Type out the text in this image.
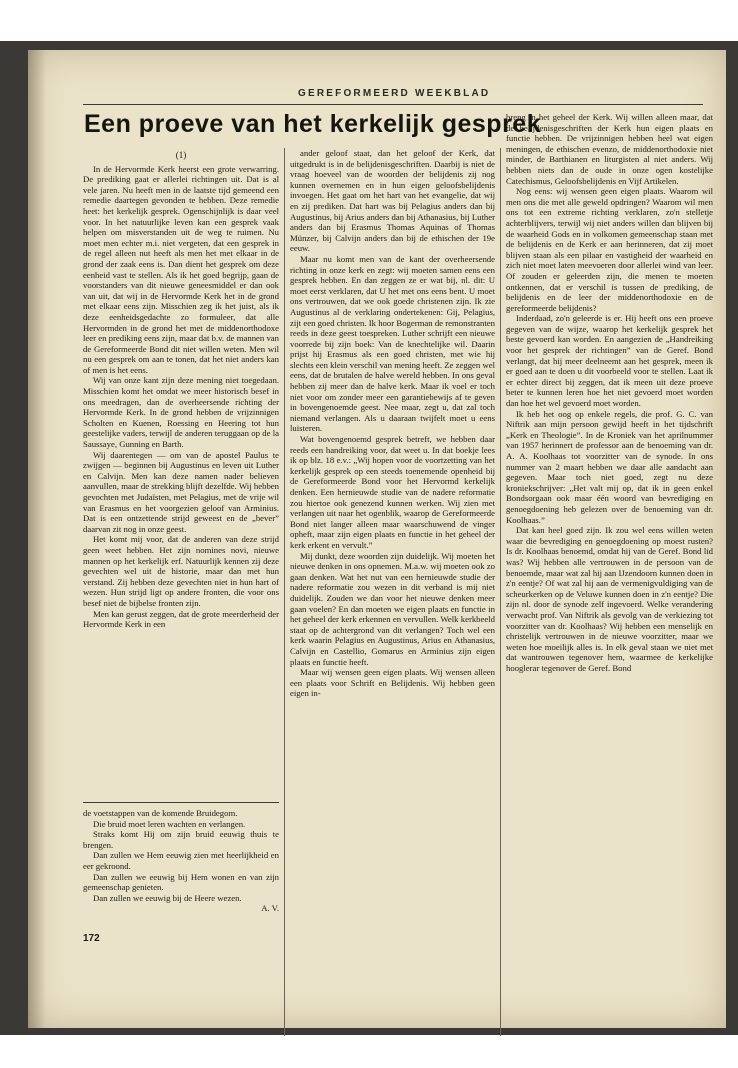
GEREFORMEERD WEEKBLAD
Een proeve van het kerkelijk gesprek
(1)

In de Hervormde Kerk heerst een grote verwarring. De prediking gaat er allerlei richtingen uit. Dat is al vele jaren. Nu heeft men in de laatste tijd gemeend een remedie daartegen gevonden te hebben. Deze remedie heet: het kerkelijk gesprek. Ogenschijnlijk is daar veel voor. In het natuurlijke leven kan een gesprek vaak helpen om misverstanden uit de weg te ruimen. Nu moet men echter m.i. niet vergeten, dat een gesprek in de regel alleen nut heeft als men het met elkaar in de grond der zaak eens is. Dan dient het gesprek om deze eenheid vast te stellen. Als ik het goed begrijp, gaan de voorstanders van dit nieuwe geneesmiddel er dan ook van uit, dat wij in de Hervormde Kerk het in de grond met elkaar eens zijn. Misschien zeg ik het juist, als ik deze eenheidsgedachte zo formuleer, dat alle Hervormden in de grond het met de middenorthodoxe leer en prediking eens zijn, maar dat b.v. de mannen van de Gereformeerde Bond dit niet willen weten. Men wil nu een gesprek om aan te tonen, dat het niet anders kan of men is het eens.

Wij van onze kant zijn deze mening niet toegedaan. Misschien komt het omdat we meer historisch besef in ons meedragen, dan de overheersende richting der Hervormde Kerk. In de grond hebben de vrijzinnigen Scholten en Kuenen, Roessing en Heering tot hun geestelijke vaders, terwijl de anderen teruggaan op de la Saussaye, Gunning en Barth.

Wij daarentegen — om van de apostel Paulus te zwijgen — beginnen bij Augustinus en leven uit Luther en Calvijn. Men kan deze namen nader believen aanvullen, maar de strekking blijft dezelfde. Wij hebben gevochten met Judaïsten, met Pelagius, met de vrije wil van Erasmus en het voorgezien geloof van Arminius. Dat is een ontzettende strijd geweest en de „bever” daarvan zit nog in onze geest.

Het komt mij voor, dat de anderen van deze strijd geen weet hebben. Het zijn nomines novi, nieuwe mannen op het kerkelijk erf. Natuurlijk kennen zij deze gevechten wel uit de historie, maar dan met hun verstand. Zij hebben deze gevechten niet in hun hart of wezen. Hun strijd ligt op andere fronten, die voor ons besef niet de bijbelse fronten zijn.

Men kan gerust zeggen, dat de grote meerderheid der Hervormde Kerk in een

de voetstappen van de komende Bruidegom.

Die bruid moet leren wachten en verlangen.

Straks komt Hij om zijn bruid eeuwig thuis te brengen.

Dan zullen we Hem eeuwig zien met heerlijkheid en eer gekroond.

Dan zullen we eeuwig bij Hem wonen en van zijn gemeenschap genieten.

Dan zullen we eeuwig bij de Heere wezen.

A. V.

ander geloof staat, dan het geloof der Kerk, dat uitgedrukt is in de belijdenisgeschriften. Daarbij is niet de vraag hoeveel van de woorden der belijdenis zij nog kunnen overnemen en in hun eigen geloofsbelijdenis invoegen. Het gaat om het hart van het evangelie, dat wij en zij prediken. Dat hart was bij Pelagius anders dan bij Augustinus, bij Arius anders dan bij Athanasius, bij Luther anders dan bij Erasmus Thomas Aquinas of Thomas Münzer, bij Calvijn anders dan bij de ethischen der 19e eeuw.

Maar nu komt men van de kant der overheersende richting in onze kerk en zegt: wij moeten samen eens een gesprek hebben. En dan zeggen ze er wat bij, nl. dit: U moet eerst verklaren, dat U het met ons eens bent. U moet ons vertrouwen, dat we ook goede christenen zijn. Ik zie Augustinus al de verklaring ondertekenen: Gij, Pelagius, zijt een goed christen. Ik hoor Bogerman de remonstranten reeds in deze geest toespreken. Luther schrijft een nieuwe voorrede bij zijn boek: Van de knechtelijke wil. Daarin prijst hij Erasmus als een goed christen, met wie hij slechts een klein verschil van mening heeft. Ze zeggen wel eens, dat de brutalen de halve wereld hebben. In ons geval hebben zij meer dan de halve kerk. Maar ik voel er toch niet voor om zonder meer een garantiebewijs af te geven in bovengenoemde geest. Nee maar, zegt u, dat zal toch niemand verlangen. Als u daaraan twijfelt moet u eens luisteren.

Wat bovengenoemd gesprek betreft, we hebben daar reeds een handreiking voor, dat weet u. In dat boekje lees ik op blz. 18 e.v.: „Wij hopen voor de voortzetting van het kerkelijk gesprek op een steeds toenemende openheid bij de Gereformeerde Bond voor het Hervormd kerkelijk denken. Een hernieuwde studie van de nadere reformatie zou hiertoe ook genezend kunnen werken. Wij zien met verlangen uit naar het ogenblik, waarop de Gereformeerde Bond niet langer alleen maar waarschuwend de vinger opheft, maar zijn eigen plaats en functie in het geheel der kerk erkent en vervult.”

Mij dunkt, deze woorden zijn duidelijk. Wij moeten het nieuwe denken in ons opnemen. M.a.w. wij moeten ook zo gaan denken. Wat het nut van een hernieuwde studie der nadere reformatie zou wezen in dit verband is mij niet duidelijk. Zouden we dan voor het nieuwe denken meer gaan voelen? En dan moeten we eigen plaats en functie in het geheel der kerk erkennen en vervullen. Welk kerkbeeld staat op de achtergrond van dit verlangen? Toch wel een kerk waarin Pelagius en Augustinus, Arius en Athanasius, Calvijn en Castellio, Gomarus en Arminius zijn eigen plaats en functie heeft.

Maar wij wensen geen eigen plaats. Wij wensen alleen een plaats voor Schrift en Belijdenis. Wij hebben geen eigen in-

breng in het geheel der Kerk. Wij willen alleen maar, dat de belijdenisgeschriften der Kerk hun eigen plaats en functie hebben. De vrijzinnigen hebben heel wat eigen meningen, de ethischen evenzo, de middenorthodoxie niet minder, de Barthianen en liturgisten al niet anders. Wij hebben niets dan de oude in onze ogen kostelijke Catechismus, Geloofsbelijdenis en Vijf Artikelen.

Nog eens: wij wensen geen eigen plaats. Waarom wil men ons die met alle geweld opdringen? Waarom wil men ons tot een extreme richting verklaren, zo'n stelletje achterblijvers, terwijl wij niet anders willen dan blijven bij de waarheid Gods en in volkomen gemeenschap staan met de belijdenis en de Kerk er aan herinneren, dat zij moet blijven staan als een pilaar en vastigheid der waarheid en zich niet moet laten meevoeren door allerlei wind van leer. Of zouden er geleerden zijn, die menen te moeten ontkennen, dat er verschil is tussen de prediking, de belijdenis en de leer der middenorthodoxie en de gereformeerde belijdenis?

Inderdaad, zo'n geleerde is er. Hij heeft ons een proeve gegeven van de wijze, waarop het kerkelijk gesprek het beste gevoerd kan worden. En aangezien de „Handreiking voor het gesprek der richtingen” van de Geref. Bond verlangt, dat hij meer deelneemt aan het gesprek, meen ik er goed aan te doen u dit voorbeeld voor te stellen. Laat ik er echter direct bij zeggen, dat ik meen uit deze proeve beter te kunnen leren hoe het niet gevoerd moet worden dan hoe het wel gevoerd moet worden.

Ik heb het oog op enkele regels, die prof. G. C. van Niftrik aan mijn persoon gewijd heeft in het tijdschrift „Kerk en Theologie”. In de Kroniek van het aprilnummer van 1957 herinnert de professor aan de benoeming van dr. A. A. Koolhaas tot voorzitter van de synode. In ons nummer van 2 maart hebben we daar alle aandacht aan gegeven. Maar toch niet goed, zegt nu deze kroniekschrijver: „Het valt mij op, dat ik in geen enkel Bondsorgaan ook maar één woord van bevrediging en genoegdoening heb gelezen over de benoeming van dr. Koolhaas.”

Dat kan heel goed zijn. Ik zou wel eens willen weten waar die bevrediging en genoegdoening op moest rusten? Is dr. Koolhaas benoemd, omdat hij van de Geref. Bond lid was? Wij hebben alle vertrouwen in de persoon van de benoemde, maar wat zal hij aan IJzendoorn kunnen doen in z'n eentje? Of wat zal hij aan de vermenigvuldiging van de scheurkerken op de Veluwe kunnen doen in z'n eentje? Die zijn nl. door de synode zelf ingevoerd. Welke verandering verwacht prof. Van Niftrik als gevolg van de verkiezing tot voorzitter van dr. Koolhaas? Wij hebben een menselijk en christelijk vertrouwen in de nieuwe voorzitter, maar we weten hoe moeilijk alles is. In elk geval staan we niet met dat wantrouwen tegenover hem, waarmee de kerkelijke hooglerar tegenover de Geref. Bond

172
